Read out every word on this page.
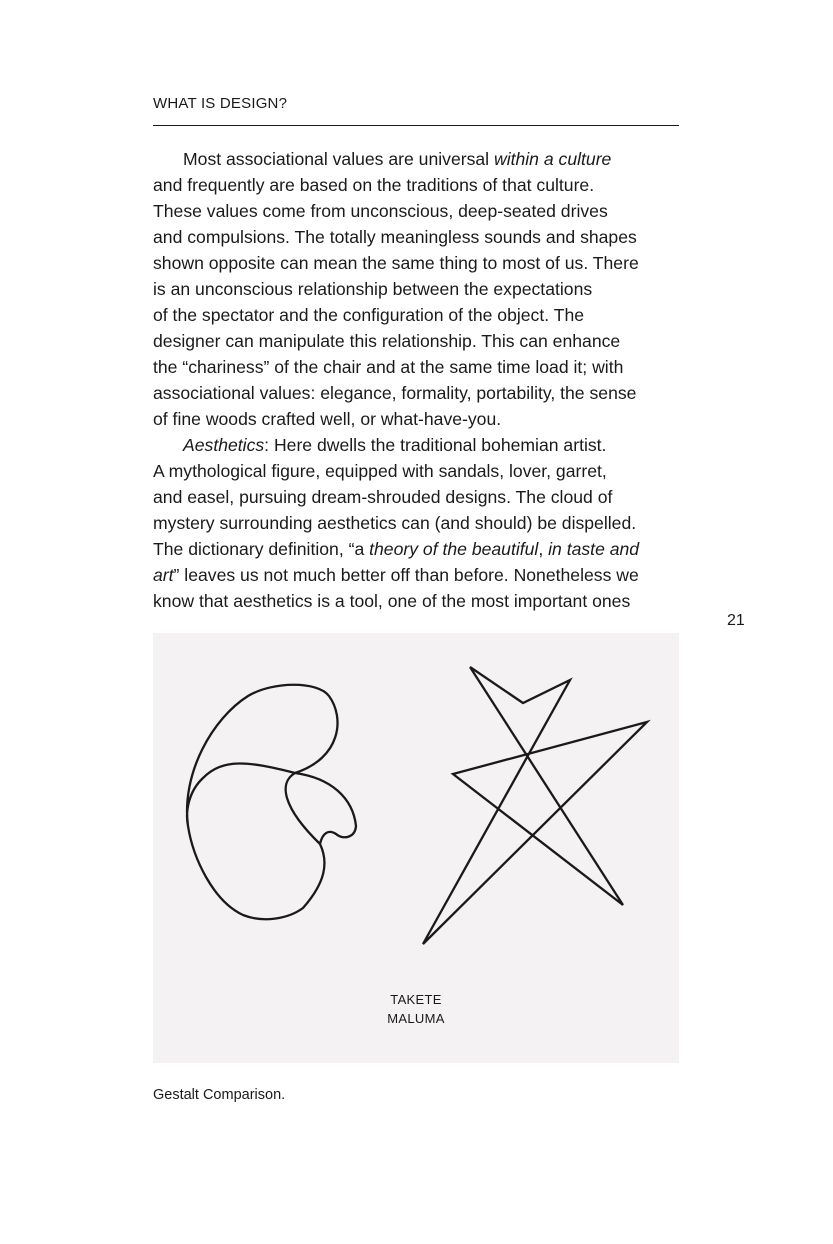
WHAT IS DESIGN?
Most associational values are universal within a culture
and frequently are based on the traditions of that culture.
These values come from unconscious, deep-seated drives
and compulsions. The totally meaningless sounds and shapes
shown opposite can mean the same thing to most of us. There
is an unconscious relationship between the expectations
of the spectator and the configuration of the object. The
designer can manipulate this relationship. This can enhance
the “chariness” of the chair and at the same time load it; with
associational values: elegance, formality, portability, the sense
of fine woods crafted well, or what-have-you.
Aesthetics: Here dwells the traditional bohemian artist.
A mythological figure, equipped with sandals, lover, garret,
and easel, pursuing dream-shrouded designs. The cloud of
mystery surrounding aesthetics can (and should) be dispelled.
The dictionary definition, “a theory of the beautiful, in taste and
art” leaves us not much better off than before. Nonetheless we
know that aesthetics is a tool, one of the most important ones
21
TAKETE
MALUMA
Gestalt Comparison.
